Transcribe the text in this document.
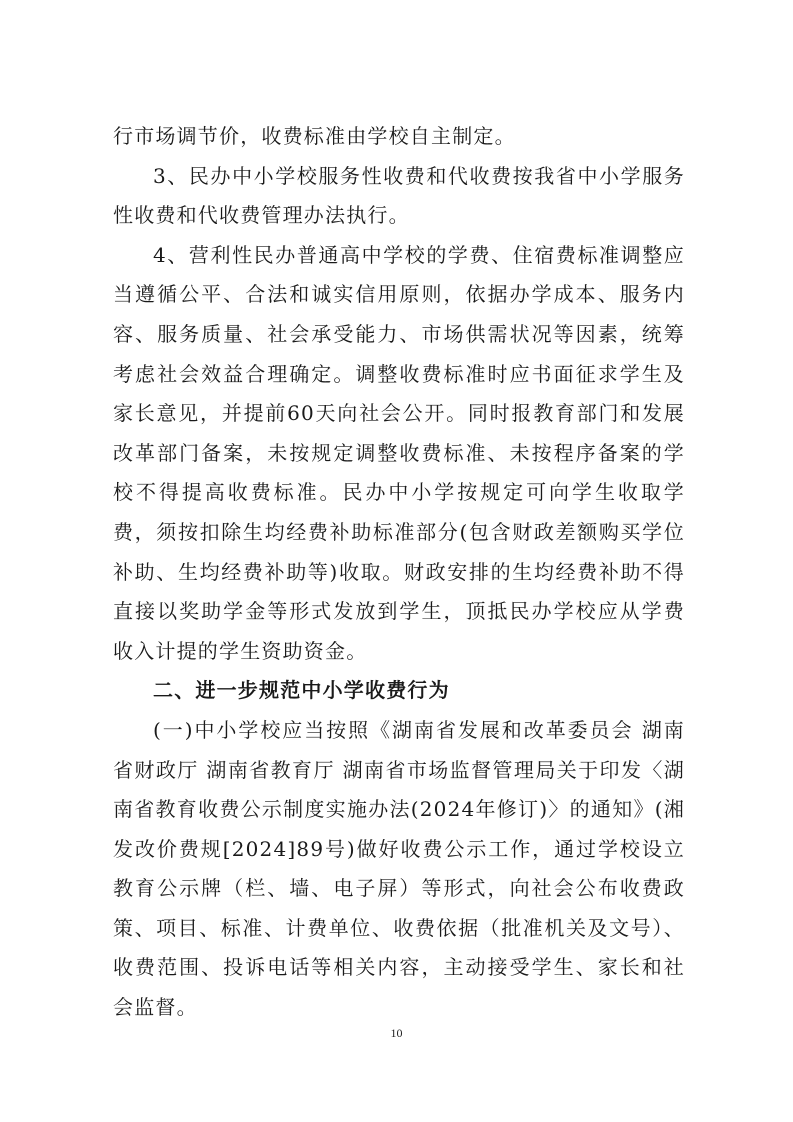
行市场调节价，收费标准由学校自主制定。

3、民办中小学校服务性收费和代收费按我省中小学服务性收费和代收费管理办法执行。

4、营利性民办普通高中学校的学费、住宿费标准调整应当遵循公平、合法和诚实信用原则，依据办学成本、服务内容、服务质量、社会承受能力、市场供需状况等因素，统筹考虑社会效益合理确定。调整收费标准时应书面征求学生及家长意见，并提前60天向社会公开。同时报教育部门和发展改革部门备案，未按规定调整收费标准、未按程序备案的学校不得提高收费标准。民办中小学按规定可向学生收取学费，须按扣除生均经费补助标准部分(包含财政差额购买学位补助、生均经费补助等)收取。财政安排的生均经费补助不得直接以奖助学金等形式发放到学生，顶抵民办学校应从学费收入计提的学生资助资金。

二、进一步规范中小学收费行为

(一)中小学校应当按照《湖南省发展和改革委员会 湖南省财政厅 湖南省教育厅 湖南省市场监督管理局关于印发〈湖南省教育收费公示制度实施办法(2024年修订)〉的通知》(湘发改价费规[2024]89号)做好收费公示工作，通过学校设立教育公示牌（栏、墙、电子屏）等形式，向社会公布收费政策、项目、标准、计费单位、收费依据（批准机关及文号）、收费范围、投诉电话等相关内容，主动接受学生、家长和社会监督。

10
